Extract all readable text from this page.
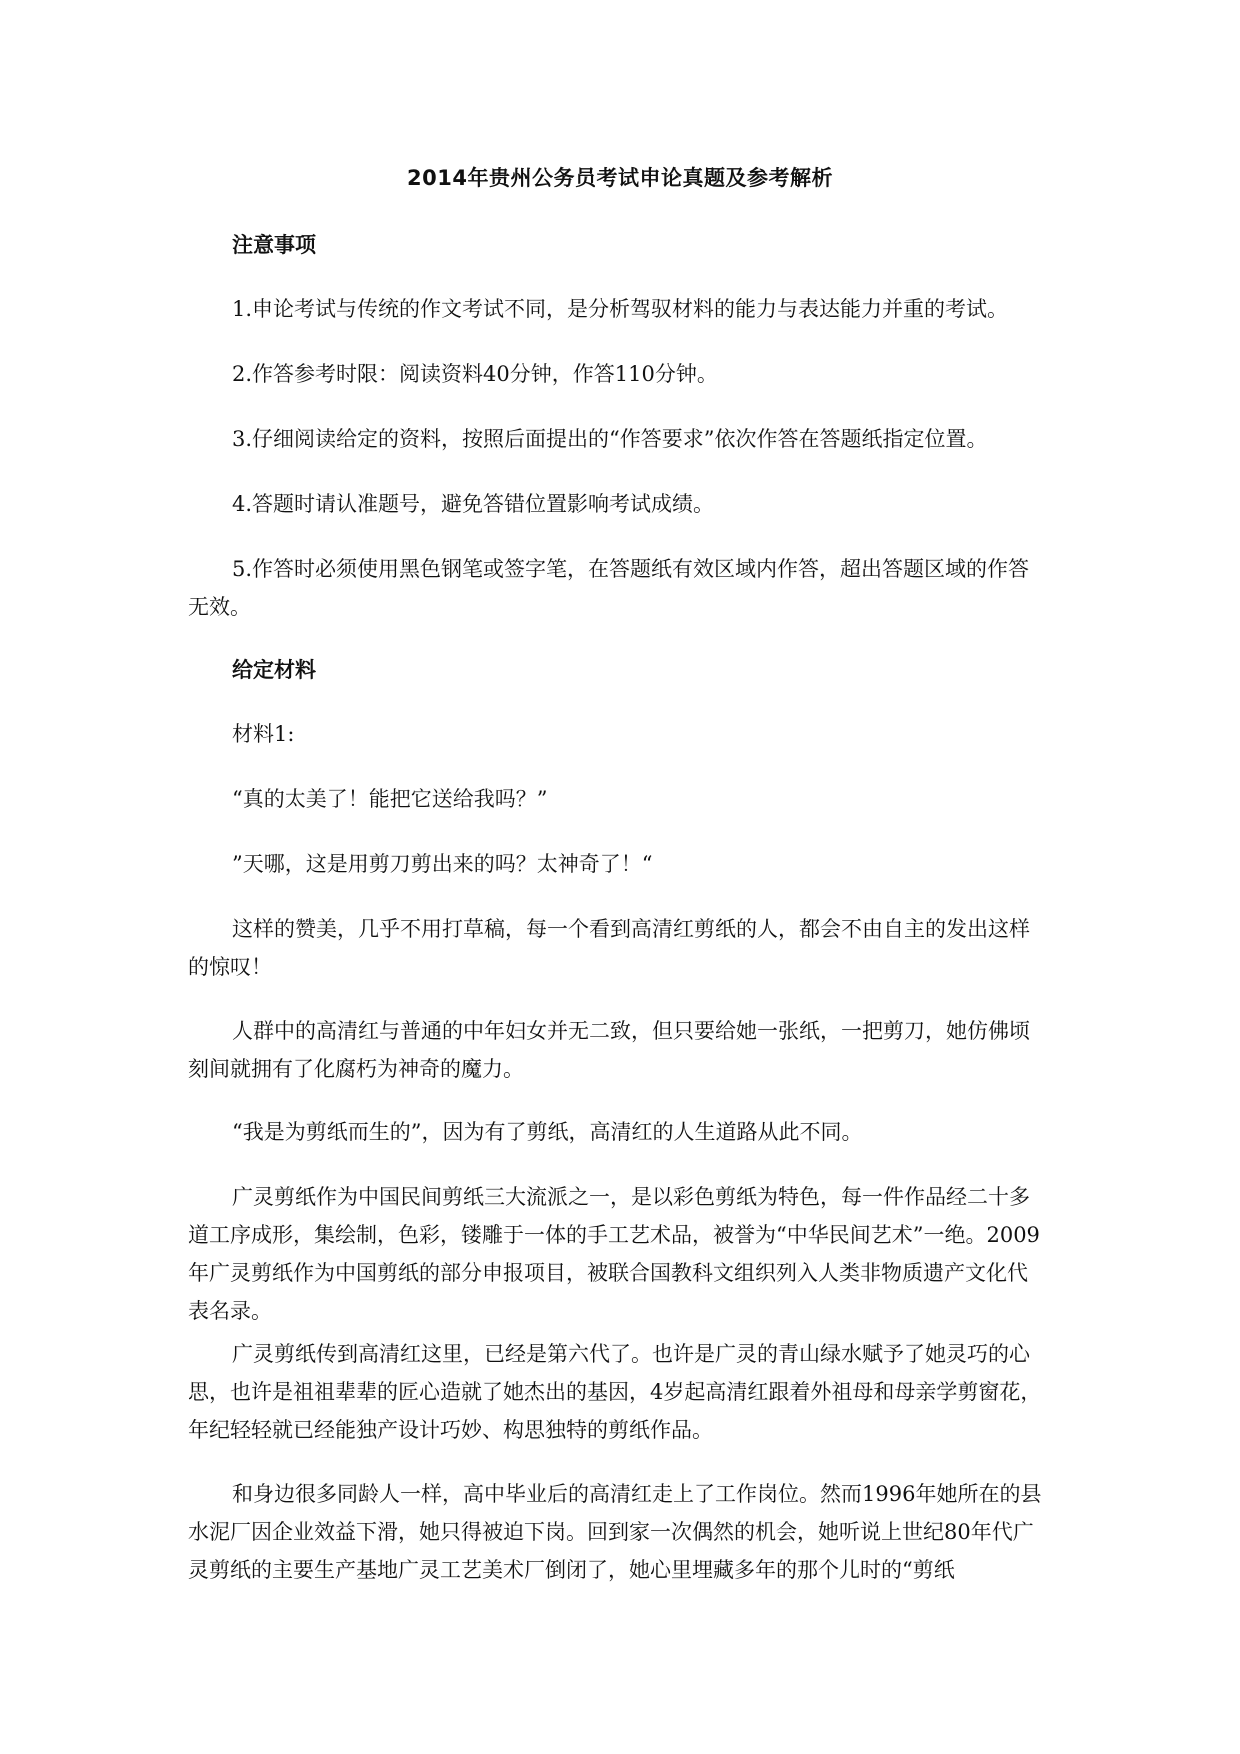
2014年贵州公务员考试申论真题及参考解析
注意事项

1.申论考试与传统的作文考试不同，是分析驾驭材料的能力与表达能力并重的考试。

2.作答参考时限：阅读资料40分钟，作答110分钟。

3.仔细阅读给定的资料，按照后面提出的“作答要求”依次作答在答题纸指定位置。

4.答题时请认准题号，避免答错位置影响考试成绩。

5.作答时必须使用黑色钢笔或签字笔，在答题纸有效区域内作答，超出答题区域的作答无效。

给定材料

材料1:

“真的太美了！能把它送给我吗？”

”天哪，这是用剪刀剪出来的吗？太神奇了！“

这样的赞美，几乎不用打草稿，每一个看到高清红剪纸的人，都会不由自主的发出这样的惊叹！

人群中的高清红与普通的中年妇女并无二致，但只要给她一张纸，一把剪刀，她仿佛顷刻间就拥有了化腐朽为神奇的魔力。

“我是为剪纸而生的”，因为有了剪纸，高清红的人生道路从此不同。

广灵剪纸作为中国民间剪纸三大流派之一，是以彩色剪纸为特色，每一件作品经二十多道工序成形，集绘制，色彩，镂雕于一体的手工艺术品，被誉为“中华民间艺术”一绝。2009年广灵剪纸作为中国剪纸的部分申报项目，被联合国教科文组织列入人类非物质遗产文化代表名录。

广灵剪纸传到高清红这里，已经是第六代了。也许是广灵的青山绿水赋予了她灵巧的心思，也许是祖祖辈辈的匠心造就了她杰出的基因，4岁起高清红跟着外祖母和母亲学剪窗花，年纪轻轻就已经能独产设计巧妙、构思独特的剪纸作品。

和身边很多同龄人一样，高中毕业后的高清红走上了工作岗位。然而1996年她所在的县水泥厂因企业效益下滑，她只得被迫下岗。回到家一次偶然的机会，她听说上世纪80年代广灵剪纸的主要生产基地广灵工艺美术厂倒闭了，她心里埋藏多年的那个儿时的“剪纸
